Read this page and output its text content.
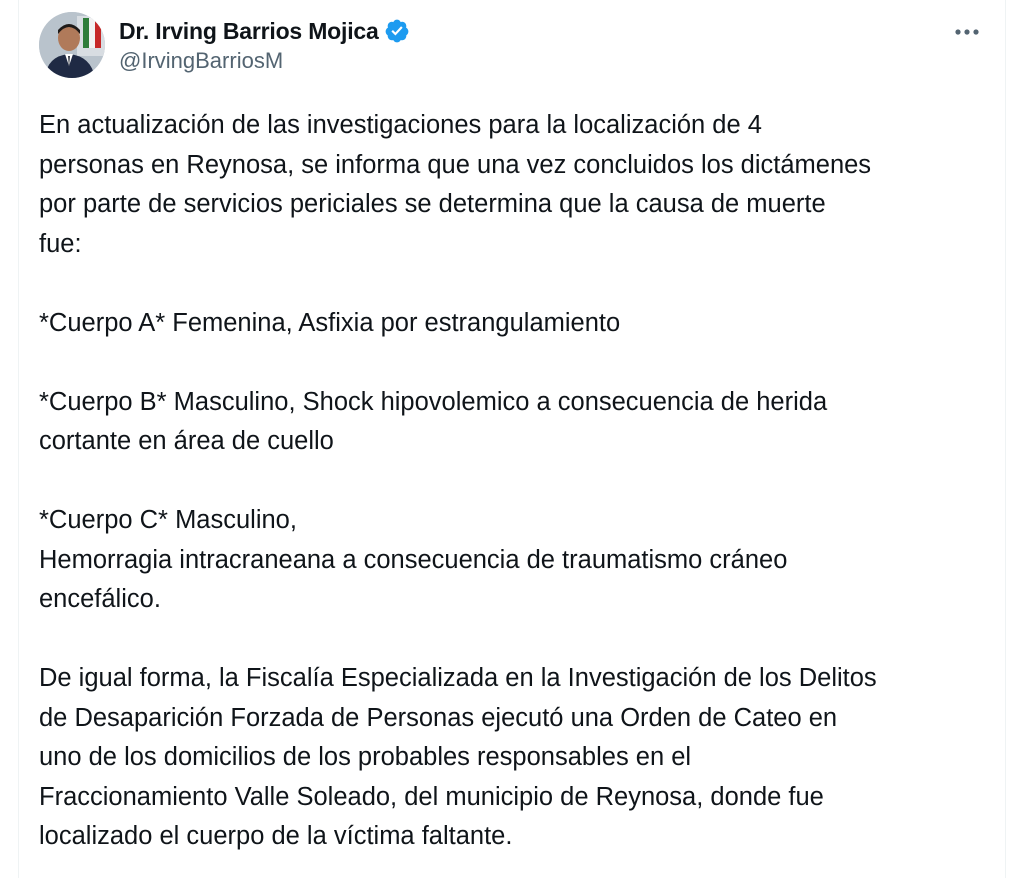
Dr. Irving Barrios Mojica
@IrvingBarriosM
En actualización de las investigaciones para la localización de 4
personas en Reynosa, se informa que una vez concluidos los dictámenes
por parte de servicios periciales se determina que la causa de muerte
fue:
*Cuerpo A* Femenina, Asfixia por estrangulamiento
*Cuerpo B* Masculino, Shock hipovolemico a consecuencia de herida
cortante en área de cuello
*Cuerpo C* Masculino,
Hemorragia intracraneana a consecuencia de traumatismo cráneo
encefálico.
De igual forma, la Fiscalía Especializada en la Investigación de los Delitos
de Desaparición Forzada de Personas ejecutó una Orden de Cateo en
uno de los domicilios de los probables responsables en el
Fraccionamiento Valle Soleado, del municipio de Reynosa, donde fue
localizado el cuerpo de la víctima faltante.
